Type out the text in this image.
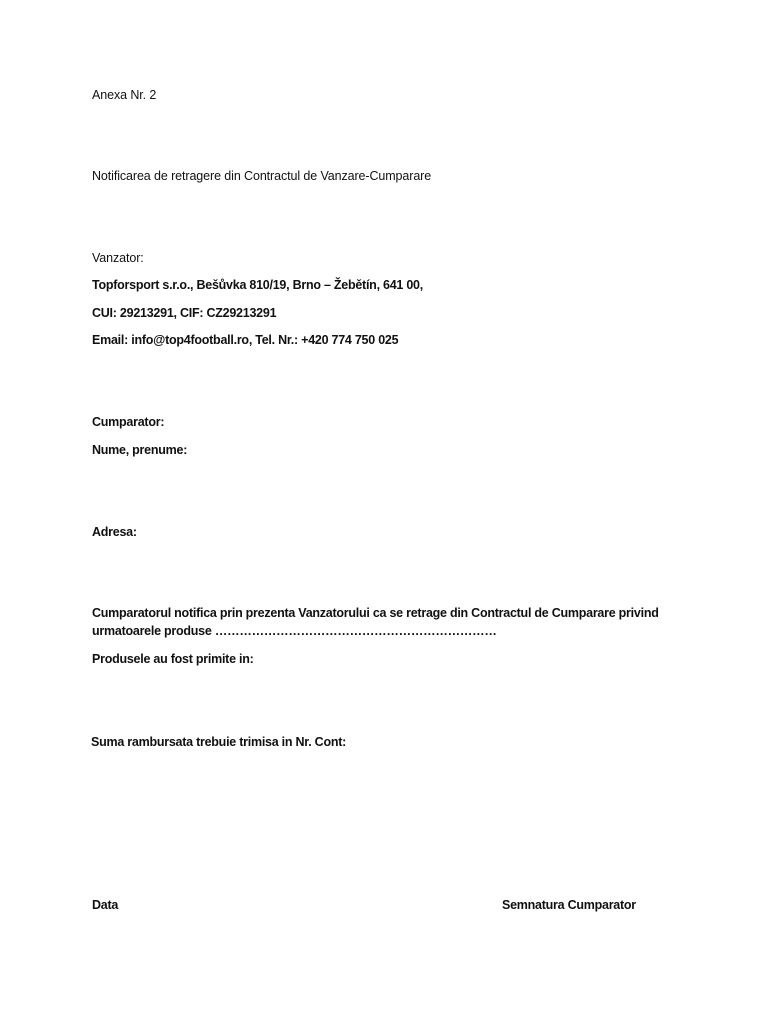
Anexa Nr. 2
Notificarea de retragere din Contractul de Vanzare-Cumparare
Vanzator:
Topforsport s.r.o., Bešůvka 810/19, Brno – Žebětín, 641 00,
CUI: 29213291, CIF: CZ29213291
Email: info@top4football.ro, Tel. Nr.: +420 774 750 025
Cumparator:
Nume, prenume:
Adresa:
Cumparatorul notifica prin prezenta Vanzatorului ca se retrage din Contractul de Cumparare privind urmatoarele produse ……………………………………………………………
Produsele au fost primite in:
Suma rambursata trebuie trimisa in Nr. Cont:
Data	Semnatura Cumparator
